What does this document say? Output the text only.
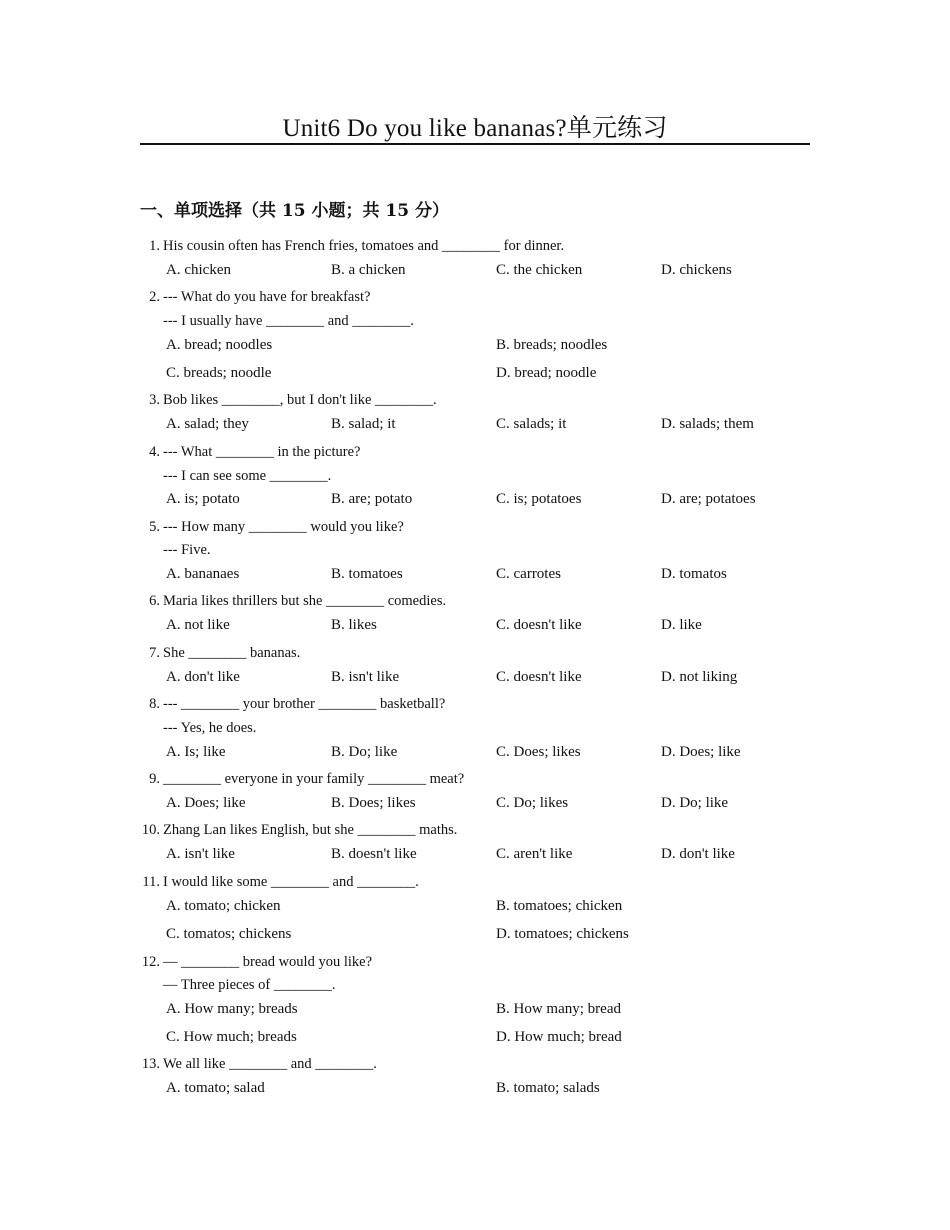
Unit6 Do you like bananas?单元练习
一、单项选择（共 15 小题；共 15 分）
1. His cousin often has French fries, tomatoes and ________ for dinner.
A. chicken	B. a chicken	C. the chicken	D. chickens
2. --- What do you have for breakfast?
--- I usually have ________ and ________.
A. bread; noodles	B. breads; noodles
C. breads; noodle	D. bread; noodle
3. Bob likes ________, but I don't like ________.
A. salad; they	B. salad; it	C. salads; it	D. salads; them
4. --- What ________ in the picture?
--- I can see some ________.
A. is; potato	B. are; potato	C. is; potatoes	D. are; potatoes
5. --- How many ________ would you like?
--- Five.
A. bananaes	B. tomatoes	C. carrotes	D. tomatos
6. Maria likes thrillers but she ________ comedies.
A. not like	B. likes	C. doesn't like	D. like
7. She ________ bananas.
A. don't like	B. isn't like	C. doesn't like	D. not liking
8. --- ________ your brother ________ basketball?
--- Yes, he does.
A. Is; like	B. Do; like	C. Does; likes	D. Does; like
9. ________ everyone in your family ________ meat?
A. Does; like	B. Does; likes	C. Do; likes	D. Do; like
10. Zhang Lan likes English, but she ________ maths.
A. isn't like	B. doesn't like	C. aren't like	D. don't like
11. I would like some ________ and ________.
A. tomato; chicken	B. tomatoes; chicken
C. tomatos; chickens	D. tomatoes; chickens
12. — ________ bread would you like?
— Three pieces of ________.
A. How many; breads	B. How many; bread
C. How much; breads	D. How much; bread
13. We all like ________ and ________.
A. tomato; salad	B. tomato; salads
